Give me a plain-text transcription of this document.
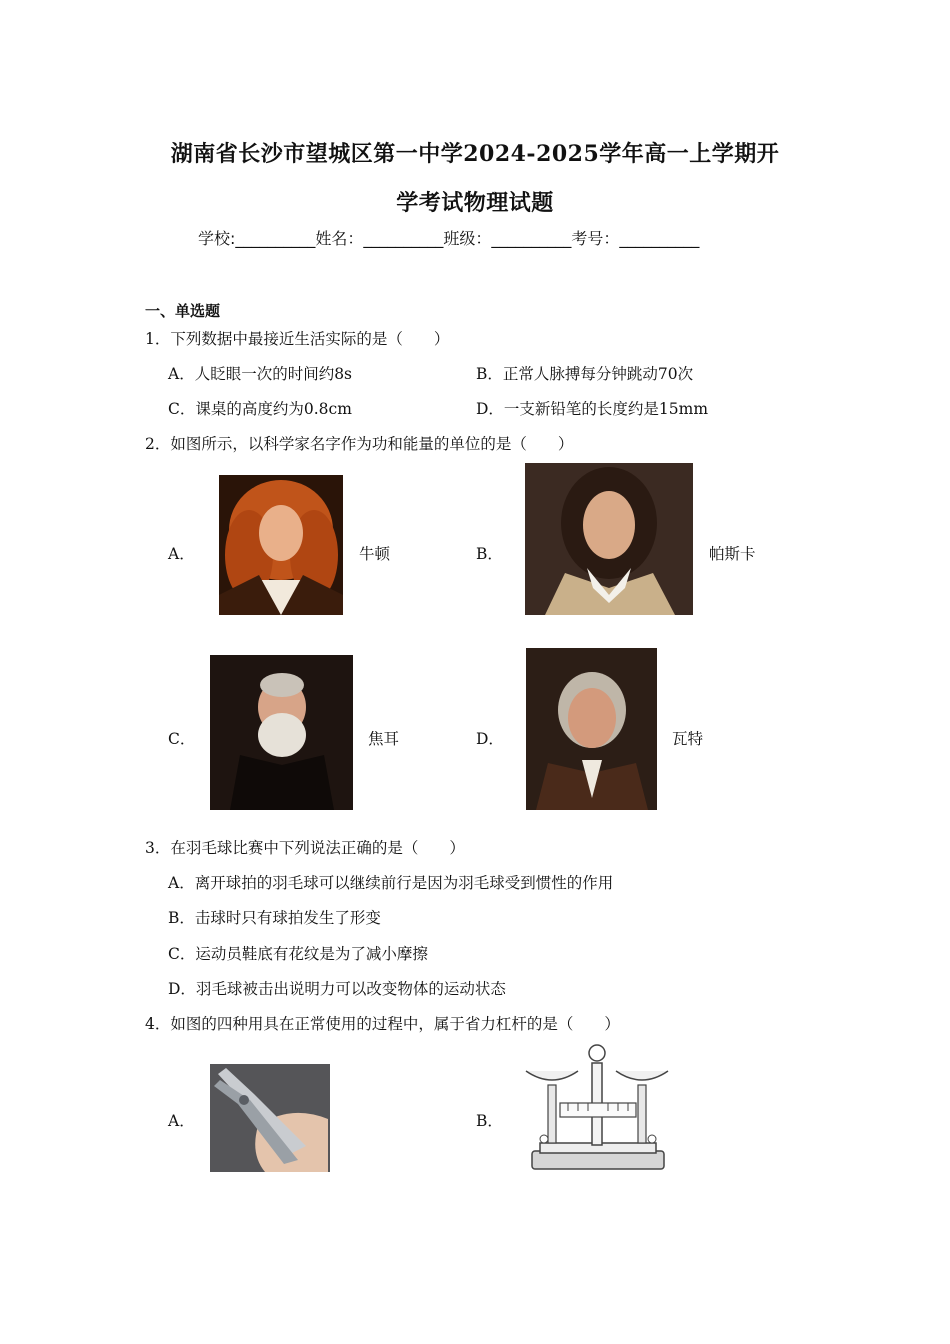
湖南省长沙市望城区第一中学2024-2025学年高一上学期开
学考试物理试题
学校:__________姓名：__________班级：__________考号：__________
一、单选题
1．下列数据中最接近生活实际的是（　　）
A．人眨眼一次的时间约8s	B．正常人脉搏每分钟跳动70次
C．课桌的高度约为0.8cm	D．一支新铅笔的长度约是15mm
2．如图所示，以科学家名字作为功和能量的单位的是（　　）
A．	牛顿	B．	帕斯卡
C．	焦耳	D．	瓦特
3．在羽毛球比赛中下列说法正确的是（　　）
A．离开球拍的羽毛球可以继续前行是因为羽毛球受到惯性的作用
B．击球时只有球拍发生了形变
C．运动员鞋底有花纹是为了减小摩擦
D．羽毛球被击出说明力可以改变物体的运动状态
4．如图的四种用具在正常使用的过程中，属于省力杠杆的是（　　）
A．	B．
